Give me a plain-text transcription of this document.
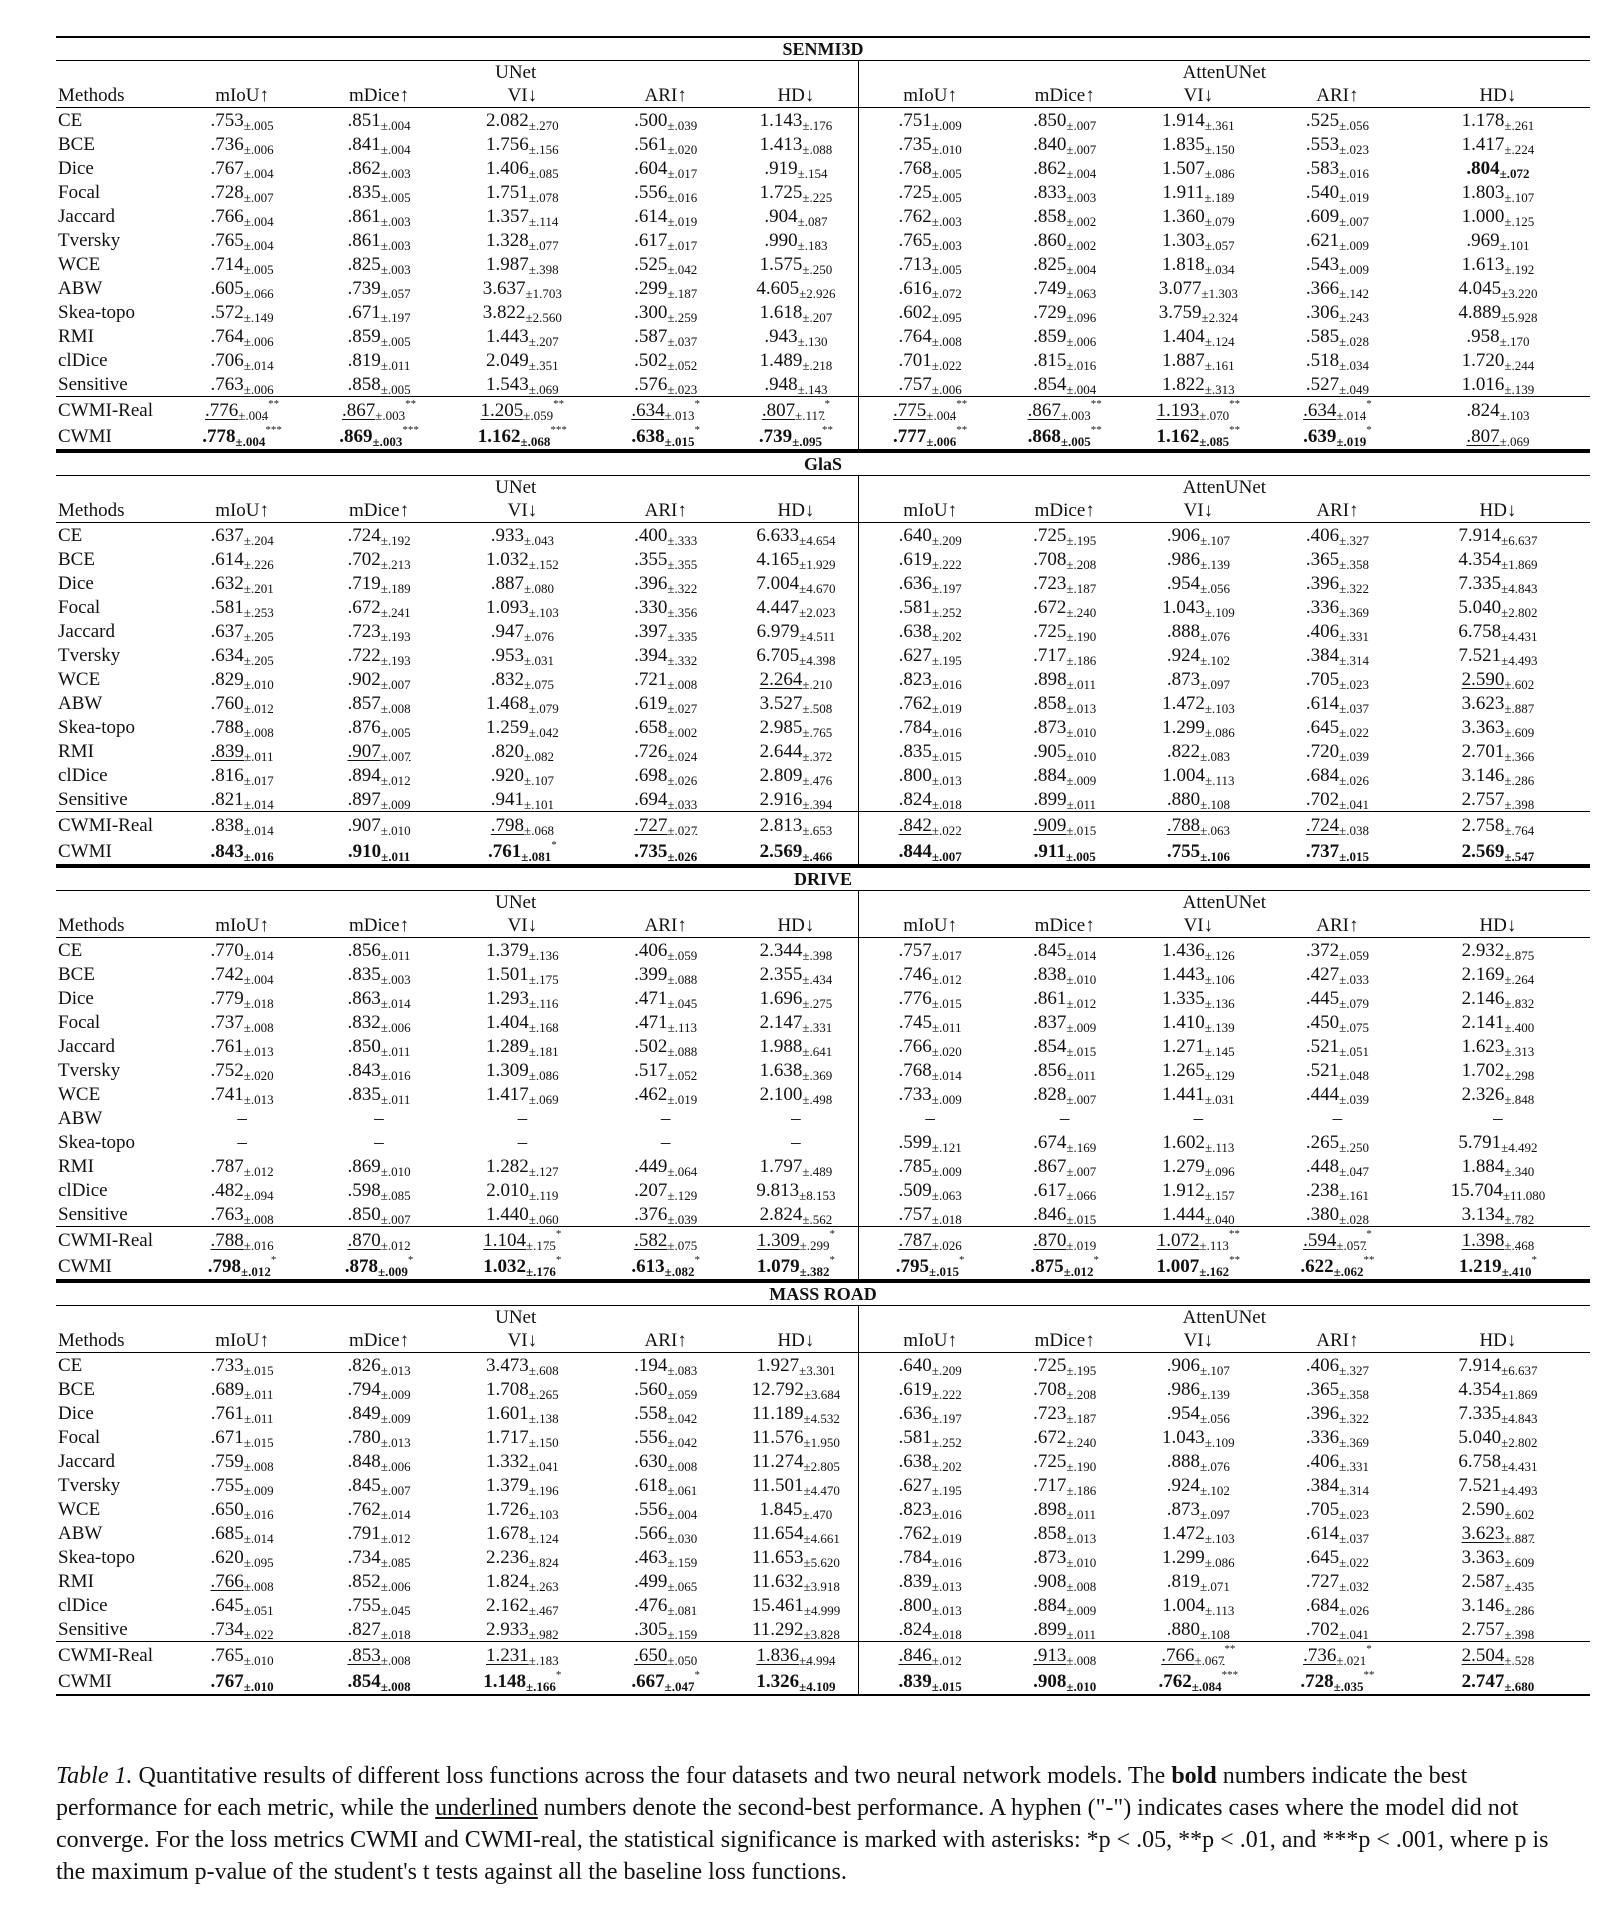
SENMI3D										
	UNet					AttenUNet				
Methods	mIoU↑	mDice↑	VI↓	ARI↑	HD↓	mIoU↑	mDice↑	VI↓	ARI↑	HD↓
CE	$.753_{\pm.005}$	$.851_{\pm.004}$	$2.082_{\pm.270}$	$.500_{\pm.039}$	$1.143_{\pm.176}$	$.751_{\pm.009}$	$.850_{\pm.007}$	$1.914_{\pm.361}$	$.525_{\pm.056}$	$1.178_{\pm.261}$
BCE	$.736_{\pm.006}$	$.841_{\pm.004}$	$1.756_{\pm.156}$	$.561_{\pm.020}$	$1.413_{\pm.088}$	$.735_{\pm.010}$	$.840_{\pm.007}$	$1.835_{\pm.150}$	$.553_{\pm.023}$	$1.417_{\pm.224}$
Dice	$.767_{\pm.004}$	$.862_{\pm.003}$	$1.406_{\pm.085}$	$.604_{\pm.017}$	$.919_{\pm.154}$	$.768_{\pm.005}$	$.862_{\pm.004}$	$1.507_{\pm.086}$	$.583_{\pm.016}$	$.804_{\pm.072}$
Focal	$.728_{\pm.007}$	$.835_{\pm.005}$	$1.751_{\pm.078}$	$.556_{\pm.016}$	$1.725_{\pm.225}$	$.725_{\pm.005}$	$.833_{\pm.003}$	$1.911_{\pm.189}$	$.540_{\pm.019}$	$1.803_{\pm.107}$
Jaccard	$.766_{\pm.004}$	$.861_{\pm.003}$	$1.357_{\pm.114}$	$.614_{\pm.019}$	$.904_{\pm.087}$	$.762_{\pm.003}$	$.858_{\pm.002}$	$1.360_{\pm.079}$	$.609_{\pm.007}$	$1.000_{\pm.125}$
Tversky	$.765_{\pm.004}$	$.861_{\pm.003}$	$1.328_{\pm.077}$	$.617_{\pm.017}$	$.990_{\pm.183}$	$.765_{\pm.003}$	$.860_{\pm.002}$	$1.303_{\pm.057}$	$.621_{\pm.009}$	$.969_{\pm.101}$
WCE	$.714_{\pm.005}$	$.825_{\pm.003}$	$1.987_{\pm.398}$	$.525_{\pm.042}$	$1.575_{\pm.250}$	$.713_{\pm.005}$	$.825_{\pm.004}$	$1.818_{\pm.034}$	$.543_{\pm.009}$	$1.613_{\pm.192}$
ABW	$.605_{\pm.066}$	$.739_{\pm.057}$	$3.637_{\pm 1.703}$	$.299_{\pm.187}$	$4.605_{\pm 2.926}$	$.616_{\pm.072}$	$.749_{\pm.063}$	$3.077_{\pm 1.303}$	$.366_{\pm.142}$	$4.045_{\pm 3.220}$
Skea-topo	$.572_{\pm.149}$	$.671_{\pm.197}$	$3.822_{\pm 2.560}$	$.300_{\pm.259}$	$1.618_{\pm.207}$	$.602_{\pm.095}$	$.729_{\pm.096}$	$3.759_{\pm 2.324}$	$.306_{\pm.243}$	$4.889_{\pm 5.928}$
RMI	$.764_{\pm.006}$	$.859_{\pm.005}$	$1.443_{\pm.207}$	$.587_{\pm.037}$	$.943_{\pm.130}$	$.764_{\pm.008}$	$.859_{\pm.006}$	$1.404_{\pm.124}$	$.585_{\pm.028}$	$.958_{\pm.170}$
clDice	$.706_{\pm.014}$	$.819_{\pm.011}$	$2.049_{\pm.351}$	$.502_{\pm.052}$	$1.489_{\pm.218}$	$.701_{\pm.022}$	$.815_{\pm.016}$	$1.887_{\pm.161}$	$.518_{\pm.034}$	$1.720_{\pm.244}$
Sensitive	$.763_{\pm.006}$	$.858_{\pm.005}$	$1.543_{\pm.069}$	$.576_{\pm.023}$	$.948_{\pm.143}$	$.757_{\pm.006}$	$.854_{\pm.004}$	$1.822_{\pm.313}$	$.527_{\pm.049}$	$1.016_{\pm.139}$
CWMI-Real	$.776_{\pm.004}^{**}$	$.867_{\pm.003}^{**}$	$1.205_{\pm.059}^{**}$	$.634_{\pm.013}^*$	$.807_{\pm.117}^*$	$.775_{\pm.004}^{**}$	$.867_{\pm.003}^{**}$	$1.193_{\pm.070}^{**}$	$.634_{\pm.014}^*$	$.824_{\pm.103}$
CWMI	$.778_{\pm.004}^{***}$	$.869_{\pm.003}^{***}$	$1.162_{\pm.068}^{***}$	$.638_{\pm.015}^*$	$.739_{\pm.095}^{**}$	$.777_{\pm.006}^{**}$	$.868_{\pm.005}^{**}$	$1.162_{\pm.085}^{**}$	$.639_{\pm.019}^*$	$.807_{\pm.069}$
GlaS										
	UNet					AttenUNet				
Methods	mIoU↑	mDice↑	VI↓	ARI↑	HD↓	mIoU↑	mDice↑	VI↓	ARI↑	HD↓
CE	$.637_{\pm.204}$	$.724_{\pm.192}$	$.933_{\pm.043}$	$.400_{\pm.333}$	$6.633_{\pm 4.654}$	$.640_{\pm.209}$	$.725_{\pm.195}$	$.906_{\pm.107}$	$.406_{\pm.327}$	$7.914_{\pm 6.637}$
BCE	$.614_{\pm.226}$	$.702_{\pm.213}$	$1.032_{\pm.152}$	$.355_{\pm.355}$	$4.165_{\pm 1.929}$	$.619_{\pm.222}$	$.708_{\pm.208}$	$.986_{\pm.139}$	$.365_{\pm.358}$	$4.354_{\pm 1.869}$
Dice	$.632_{\pm.201}$	$.719_{\pm.189}$	$.887_{\pm.080}$	$.396_{\pm.322}$	$7.004_{\pm 4.670}$	$.636_{\pm.197}$	$.723_{\pm.187}$	$.954_{\pm.056}$	$.396_{\pm.322}$	$7.335_{\pm 4.843}$
Focal	$.581_{\pm.253}$	$.672_{\pm.241}$	$1.093_{\pm.103}$	$.330_{\pm.356}$	$4.447_{\pm 2.023}$	$.581_{\pm.252}$	$.672_{\pm.240}$	$1.043_{\pm.109}$	$.336_{\pm.369}$	$5.040_{\pm 2.802}$
Jaccard	$.637_{\pm.205}$	$.723_{\pm.193}$	$.947_{\pm.076}$	$.397_{\pm.335}$	$6.979_{\pm 4.511}$	$.638_{\pm.202}$	$.725_{\pm.190}$	$.888_{\pm.076}$	$.406_{\pm.331}$	$6.758_{\pm 4.431}$
Tversky	$.634_{\pm.205}$	$.722_{\pm.193}$	$.953_{\pm.031}$	$.394_{\pm.332}$	$6.705_{\pm 4.398}$	$.627_{\pm.195}$	$.717_{\pm.186}$	$.924_{\pm.102}$	$.384_{\pm.314}$	$7.521_{\pm 4.493}$
WCE	$.829_{\pm.010}$	$.902_{\pm.007}$	$.832_{\pm.075}$	$.721_{\pm.008}$	$2.264_{\pm.210}$	$.823_{\pm.016}$	$.898_{\pm.011}$	$.873_{\pm.097}$	$.705_{\pm.023}$	$2.590_{\pm.602}$
ABW	$.760_{\pm.012}$	$.857_{\pm.008}$	$1.468_{\pm.079}$	$.619_{\pm.027}$	$3.527_{\pm.508}$	$.762_{\pm.019}$	$.858_{\pm.013}$	$1.472_{\pm.103}$	$.614_{\pm.037}$	$3.623_{\pm.887}$
Skea-topo	$.788_{\pm.008}$	$.876_{\pm.005}$	$1.259_{\pm.042}$	$.658_{\pm.002}$	$2.985_{\pm.765}$	$.784_{\pm.016}$	$.873_{\pm.010}$	$1.299_{\pm.086}$	$.645_{\pm.022}$	$3.363_{\pm.609}$
RMI	$.839_{\pm.011}$	$.907_{\pm.007}$	$.820_{\pm.082}$	$.726_{\pm.024}$	$2.644_{\pm.372}$	$.835_{\pm.015}$	$.905_{\pm.010}$	$.822_{\pm.083}$	$.720_{\pm.039}$	$2.701_{\pm.366}$
clDice	$.816_{\pm.017}$	$.894_{\pm.012}$	$.920_{\pm.107}$	$.698_{\pm.026}$	$2.809_{\pm.476}$	$.800_{\pm.013}$	$.884_{\pm.009}$	$1.004_{\pm.113}$	$.684_{\pm.026}$	$3.146_{\pm.286}$
Sensitive	$.821_{\pm.014}$	$.897_{\pm.009}$	$.941_{\pm.101}$	$.694_{\pm.033}$	$2.916_{\pm.394}$	$.824_{\pm.018}$	$.899_{\pm.011}$	$.880_{\pm.108}$	$.702_{\pm.041}$	$2.757_{\pm.398}$
CWMI-Real	$.838_{\pm.014}$	$.907_{\pm.010}$	$.798_{\pm.068}$	$.727_{\pm.027}$	$2.813_{\pm.653}$	$.842_{\pm.022}$	$.909_{\pm.015}$	$.788_{\pm.063}$	$.724_{\pm.038}$	$2.758_{\pm.764}$
CWMI	$.843_{\pm.016}$	$.910_{\pm.011}$	$.761_{\pm.081}^*$	$.735_{\pm.026}$	$2.569_{\pm.466}$	$.844_{\pm.007}$	$.911_{\pm.005}$	$.755_{\pm.106}$	$.737_{\pm.015}$	$2.569_{\pm.547}$
DRIVE										
	UNet					AttenUNet				
Methods	mIoU↑	mDice↑	VI↓	ARI↑	HD↓	mIoU↑	mDice↑	VI↓	ARI↑	HD↓
CE	$.770_{\pm.014}$	$.856_{\pm.011}$	$1.379_{\pm.136}$	$.406_{\pm.059}$	$2.344_{\pm.398}$	$.757_{\pm.017}$	$.845_{\pm.014}$	$1.436_{\pm.126}$	$.372_{\pm.059}$	$2.932_{\pm.875}$
BCE	$.742_{\pm.004}$	$.835_{\pm.003}$	$1.501_{\pm.175}$	$.399_{\pm.088}$	$2.355_{\pm.434}$	$.746_{\pm.012}$	$.838_{\pm.010}$	$1.443_{\pm.106}$	$.427_{\pm.033}$	$2.169_{\pm.264}$
Dice	$.779_{\pm.018}$	$.863_{\pm.014}$	$1.293_{\pm.116}$	$.471_{\pm.045}$	$1.696_{\pm.275}$	$.776_{\pm.015}$	$.861_{\pm.012}$	$1.335_{\pm.136}$	$.445_{\pm.079}$	$2.146_{\pm.832}$
Focal	$.737_{\pm.008}$	$.832_{\pm.006}$	$1.404_{\pm.168}$	$.471_{\pm.113}$	$2.147_{\pm.331}$	$.745_{\pm.011}$	$.837_{\pm.009}$	$1.410_{\pm.139}$	$.450_{\pm.075}$	$2.141_{\pm.400}$
Jaccard	$.761_{\pm.013}$	$.850_{\pm.011}$	$1.289_{\pm.181}$	$.502_{\pm.088}$	$1.988_{\pm.641}$	$.766_{\pm.020}$	$.854_{\pm.015}$	$1.271_{\pm.145}$	$.521_{\pm.051}$	$1.623_{\pm.313}$
Tversky	$.752_{\pm.020}$	$.843_{\pm.016}$	$1.309_{\pm.086}$	$.517_{\pm.052}$	$1.638_{\pm.369}$	$.768_{\pm.014}$	$.856_{\pm.011}$	$1.265_{\pm.129}$	$.521_{\pm.048}$	$1.702_{\pm.298}$
WCE	$.741_{\pm.013}$	$.835_{\pm.011}$	$1.417_{\pm.069}$	$.462_{\pm.019}$	$2.100_{\pm.498}$	$.733_{\pm.009}$	$.828_{\pm.007}$	$1.441_{\pm.031}$	$.444_{\pm.039}$	$2.326_{\pm.848}$
ABW	–	–	–	–	–	–	–	–	–	–
Skea-topo	–	–	–	–	–	$.599_{\pm.121}$	$.674_{\pm.169}$	$1.602_{\pm.113}$	$.265_{\pm.250}$	$5.791_{\pm 4.492}$
RMI	$.787_{\pm.012}$	$.869_{\pm.010}$	$1.282_{\pm.127}$	$.449_{\pm.064}$	$1.797_{\pm.489}$	$.785_{\pm.009}$	$.867_{\pm.007}$	$1.279_{\pm.096}$	$.448_{\pm.047}$	$1.884_{\pm.340}$
clDice	$.482_{\pm.094}$	$.598_{\pm.085}$	$2.010_{\pm.119}$	$.207_{\pm.129}$	$9.813_{\pm 8.153}$	$.509_{\pm.063}$	$.617_{\pm.066}$	$1.912_{\pm.157}$	$.238_{\pm.161}$	$15.704_{\pm 11.080}$
Sensitive	$.763_{\pm.008}$	$.850_{\pm.007}$	$1.440_{\pm.060}$	$.376_{\pm.039}$	$2.824_{\pm.562}$	$.757_{\pm.018}$	$.846_{\pm.015}$	$1.444_{\pm.040}$	$.380_{\pm.028}$	$3.134_{\pm.782}$
CWMI-Real	$.788_{\pm.016}$	$.870_{\pm.012}$	$1.104_{\pm.175}^*$	$.582_{\pm.075}$	$1.309_{\pm.299}^*$	$.787_{\pm.026}$	$.870_{\pm.019}$	$1.072_{\pm.113}^{**}$	$.594_{\pm.057}^*$	$1.398_{\pm.468}$
CWMI	$.798_{\pm.012}^*$	$.878_{\pm.009}^*$	$1.032_{\pm.176}^*$	$.613_{\pm.082}^*$	$1.079_{\pm.382}^*$	$.795_{\pm.015}^*$	$.875_{\pm.012}^*$	$1.007_{\pm.162}^{**}$	$.622_{\pm.062}^{**}$	$1.219_{\pm.410}^*$
MASS ROAD										
	UNet					AttenUNet				
Methods	mIoU↑	mDice↑	VI↓	ARI↑	HD↓	mIoU↑	mDice↑	VI↓	ARI↑	HD↓
CE	$.733_{\pm.015}$	$.826_{\pm.013}$	$3.473_{\pm.608}$	$.194_{\pm.083}$	$1.927_{\pm 3.301}$	$.640_{\pm.209}$	$.725_{\pm.195}$	$.906_{\pm.107}$	$.406_{\pm.327}$	$7.914_{\pm 6.637}$
BCE	$.689_{\pm.011}$	$.794_{\pm.009}$	$1.708_{\pm.265}$	$.560_{\pm.059}$	$12.792_{\pm 3.684}$	$.619_{\pm.222}$	$.708_{\pm.208}$	$.986_{\pm.139}$	$.365_{\pm.358}$	$4.354_{\pm 1.869}$
Dice	$.761_{\pm.011}$	$.849_{\pm.009}$	$1.601_{\pm.138}$	$.558_{\pm.042}$	$11.189_{\pm 4.532}$	$.636_{\pm.197}$	$.723_{\pm.187}$	$.954_{\pm.056}$	$.396_{\pm.322}$	$7.335_{\pm 4.843}$
Focal	$.671_{\pm.015}$	$.780_{\pm.013}$	$1.717_{\pm.150}$	$.556_{\pm.042}$	$11.576_{\pm 1.950}$	$.581_{\pm.252}$	$.672_{\pm.240}$	$1.043_{\pm.109}$	$.336_{\pm.369}$	$5.040_{\pm 2.802}$
Jaccard	$.759_{\pm.008}$	$.848_{\pm.006}$	$1.332_{\pm.041}$	$.630_{\pm.008}$	$11.274_{\pm 2.805}$	$.638_{\pm.202}$	$.725_{\pm.190}$	$.888_{\pm.076}$	$.406_{\pm.331}$	$6.758_{\pm 4.431}$
Tversky	$.755_{\pm.009}$	$.845_{\pm.007}$	$1.379_{\pm.196}$	$.618_{\pm.061}$	$11.501_{\pm 4.470}$	$.627_{\pm.195}$	$.717_{\pm.186}$	$.924_{\pm.102}$	$.384_{\pm.314}$	$7.521_{\pm 4.493}$
WCE	$.650_{\pm.016}$	$.762_{\pm.014}$	$1.726_{\pm.103}$	$.556_{\pm.004}$	$1.845_{\pm.470}$	$.823_{\pm.016}$	$.898_{\pm.011}$	$.873_{\pm.097}$	$.705_{\pm.023}$	$2.590_{\pm.602}$
ABW	$.685_{\pm.014}$	$.791_{\pm.012}$	$1.678_{\pm.124}$	$.566_{\pm.030}$	$11.654_{\pm 4.661}$	$.762_{\pm.019}$	$.858_{\pm.013}$	$1.472_{\pm.103}$	$.614_{\pm.037}$	$3.623_{\pm.887}$
Skea-topo	$.620_{\pm.095}$	$.734_{\pm.085}$	$2.236_{\pm.824}$	$.463_{\pm.159}$	$11.653_{\pm 5.620}$	$.784_{\pm.016}$	$.873_{\pm.010}$	$1.299_{\pm.086}$	$.645_{\pm.022}$	$3.363_{\pm.609}$
RMI	$.766_{\pm.008}$	$.852_{\pm.006}$	$1.824_{\pm.263}$	$.499_{\pm.065}$	$11.632_{\pm 3.918}$	$.839_{\pm.013}$	$.908_{\pm.008}$	$.819_{\pm.071}$	$.727_{\pm.032}$	$2.587_{\pm.435}$
clDice	$.645_{\pm.051}$	$.755_{\pm.045}$	$2.162_{\pm.467}$	$.476_{\pm.081}$	$15.461_{\pm 4.999}$	$.800_{\pm.013}$	$.884_{\pm.009}$	$1.004_{\pm.113}$	$.684_{\pm.026}$	$3.146_{\pm.286}$
Sensitive	$.734_{\pm.022}$	$.827_{\pm.018}$	$2.933_{\pm.982}$	$.305_{\pm.159}$	$11.292_{\pm 3.828}$	$.824_{\pm.018}$	$.899_{\pm.011}$	$.880_{\pm.108}$	$.702_{\pm.041}$	$2.757_{\pm.398}$
CWMI-Real	$.765_{\pm.010}$	$.853_{\pm.008}$	$1.231_{\pm.183}$	$.650_{\pm.050}$	$1.836_{\pm 4.994}$	$.846_{\pm.012}$	$.913_{\pm.008}$	$.766_{\pm.067}^{**}$	$.736_{\pm.021}^*$	$2.504_{\pm.528}$
CWMI	$.767_{\pm.010}$	$.854_{\pm.008}$	$1.148_{\pm.166}^*$	$.667_{\pm.047}^*$	$1.326_{\pm 4.109}$	$.839_{\pm.015}$	$.908_{\pm.010}$	$.762_{\pm.084}^{***}$	$.728_{\pm.035}^{**}$	$2.747_{\pm.680}$
Table 1. Quantitative results of different loss functions across the four datasets and two neural network models. The bold numbers indicate the best performance for each metric, while the underlined numbers denote the second-best performance. A hyphen ("-") indicates cases where the model did not converge. For the loss metrics CWMI and CWMI-real, the statistical significance is marked with asterisks: *p < .05, **p < .01, and ***p < .001, where p is the maximum p-value of the student's t tests against all the baseline loss functions.
